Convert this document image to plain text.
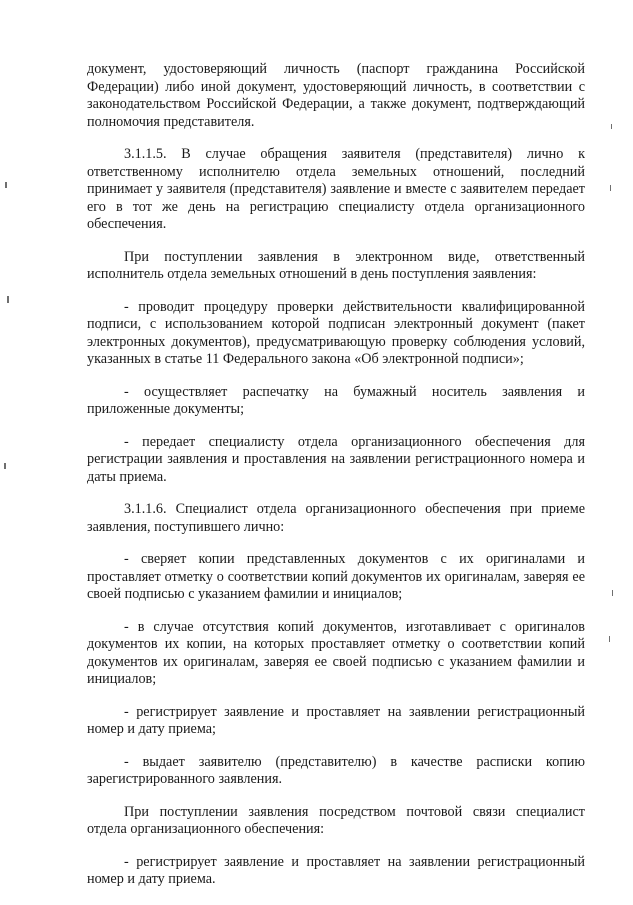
документ, удостоверяющий личность (паспорт гражданина Российской Федерации) либо иной документ, удостоверяющий личность, в соответствии с законодательством Российской Федерации, а также документ, подтверждающий полномочия представителя.

3.1.1.5. В случае обращения заявителя (представителя) лично к ответственному исполнителю отдела земельных отношений, последний принимает у заявителя (представителя) заявление и вместе с заявителем передает его в тот же день на регистрацию специалисту отдела организационного обеспечения.

При поступлении заявления в электронном виде, ответственный исполнитель отдела земельных отношений в день поступления заявления:

- проводит процедуру проверки действительности квалифицированной подписи, с использованием которой подписан электронный документ (пакет электронных документов), предусматривающую проверку соблюдения условий, указанных в статье 11 Федерального закона «Об электронной подписи»;

- осуществляет распечатку на бумажный носитель заявления и приложенные документы;

- передает специалисту отдела организационного обеспечения для регистрации заявления и проставления на заявлении регистрационного номера и даты приема.

3.1.1.6. Специалист отдела организационного обеспечения при приеме заявления, поступившего лично:

- сверяет копии представленных документов с их оригиналами и проставляет отметку о соответствии копий документов их оригиналам, заверяя ее своей подписью с указанием фамилии и инициалов;

- в случае отсутствия копий документов, изготавливает с оригиналов документов их копии, на которых проставляет отметку о соответствии копий документов их оригиналам, заверяя ее своей подписью с указанием фамилии и инициалов;

- регистрирует заявление и проставляет на заявлении регистрационный номер и дату приема;

- выдает заявителю (представителю) в качестве расписки копию зарегистрированного заявления.

При поступлении заявления посредством почтовой связи специалист отдела организационного обеспечения:

- регистрирует заявление и проставляет на заявлении регистрационный номер и дату приема.
